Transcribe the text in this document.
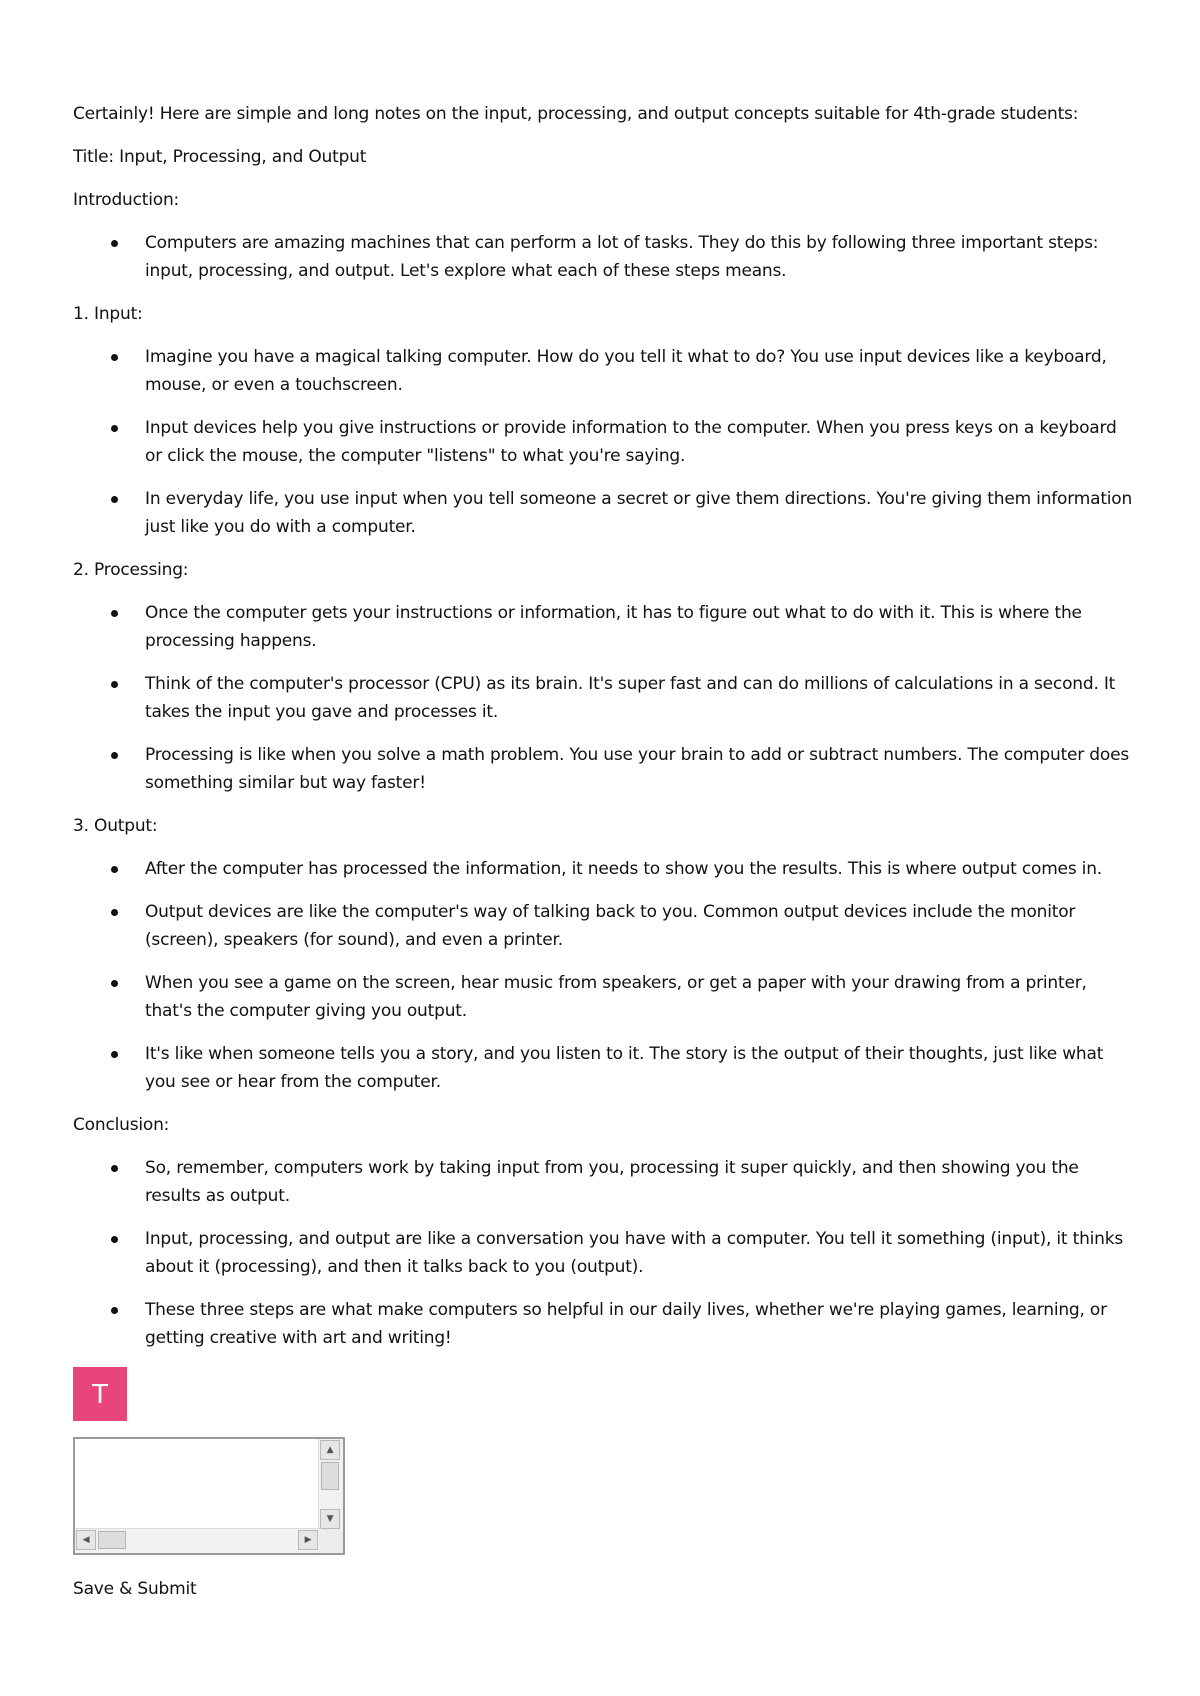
Certainly! Here are simple and long notes on the input, processing, and output concepts suitable for 4th-grade students:

Title: Input, Processing, and Output

Introduction:

Computers are amazing machines that can perform a lot of tasks. They do this by following three important steps: input, processing, and output. Let's explore what each of these steps means.

1. Input:

Imagine you have a magical talking computer. How do you tell it what to do? You use input devices like a keyboard, mouse, or even a touchscreen.
Input devices help you give instructions or provide information to the computer. When you press keys on a keyboard or click the mouse, the computer "listens" to what you're saying.
In everyday life, you use input when you tell someone a secret or give them directions. You're giving them information just like you do with a computer.

2. Processing:

Once the computer gets your instructions or information, it has to figure out what to do with it. This is where the processing happens.
Think of the computer's processor (CPU) as its brain. It's super fast and can do millions of calculations in a second. It takes the input you gave and processes it.
Processing is like when you solve a math problem. You use your brain to add or subtract numbers. The computer does something similar but way faster!

3. Output:

After the computer has processed the information, it needs to show you the results. This is where output comes in.
Output devices are like the computer's way of talking back to you. Common output devices include the monitor (screen), speakers (for sound), and even a printer.
When you see a game on the screen, hear music from speakers, or get a paper with your drawing from a printer, that's the computer giving you output.
It's like when someone tells you a story, and you listen to it. The story is the output of their thoughts, just like what you see or hear from the computer.

Conclusion:

So, remember, computers work by taking input from you, processing it super quickly, and then showing you the results as output.
Input, processing, and output are like a conversation you have with a computer. You tell it something (input), it thinks about it (processing), and then it talks back to you (output).
These three steps are what make computers so helpful in our daily lives, whether we're playing games, learning, or getting creative with art and writing!
T
▲
▼
◀	▶
Save & Submit
